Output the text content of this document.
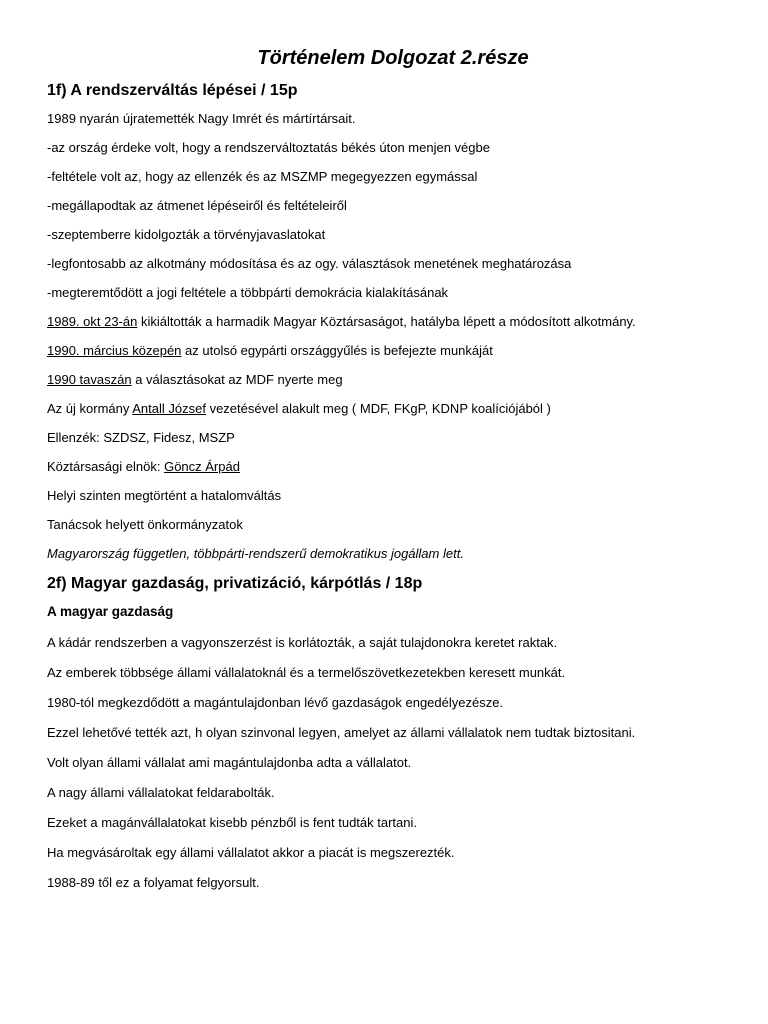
Történelem Dolgozat 2.része
1f) A rendszerváltás lépései / 15p
1989 nyarán újratemették Nagy Imrét és mártírtársait.
-az ország érdeke volt, hogy a rendszerváltoztatás békés úton menjen végbe
-feltétele volt az, hogy az ellenzék és az MSZMP megegyezzen egymással
-megállapodtak az átmenet lépéseiről és feltételeiről
-szeptemberre kidolgozták a törvényjavaslatokat
-legfontosabb az alkotmány módosítása és az ogy. választások menetének meghatározása
-megteremtődött a jogi feltétele a többpárti demokrácia kialakításának
1989. okt 23-án kikiáltották a harmadik Magyar Köztársaságot, hatályba lépett a módosított alkotmány.
1990. március közepén az utolsó egypárti országgyűlés is befejezte munkáját
1990 tavaszán a választásokat az MDF nyerte meg
Az új kormány Antall József vezetésével alakult meg ( MDF, FKgP, KDNP koalíciójából )
Ellenzék: SZDSZ, Fidesz, MSZP
Köztársasági elnök: Göncz Árpád
Helyi szinten megtörtént a hatalomváltás
Tanácsok helyett önkormányzatok
Magyarország független, többpárti-rendszerű demokratikus jogállam lett.
2f) Magyar gazdaság, privatizáció, kárpótlás / 18p
A magyar gazdaság
A kádár rendszerben a vagyonszerzést is korlátozták, a saját tulajdonokra keretet raktak.
Az emberek többsége állami vállalatoknál és a termelőszövetkezetekben keresett munkát.
1980-tól megkezdődött a magántulajdonban lévő gazdaságok engedélyezésze.
Ezzel lehetővé tették azt, h olyan szinvonal legyen, amelyet az állami vállalatok nem tudtak biztositani.
Volt olyan állami vállalat ami magántulajdonba adta a vállalatot.
A nagy állami vállalatokat feldarabolták.
Ezeket a magánvállalatokat kisebb pénzből is fent tudták tartani.
Ha megvásároltak egy állami vállalatot akkor a piacát is megszerezték.
1988-89 től ez a folyamat felgyorsult.
